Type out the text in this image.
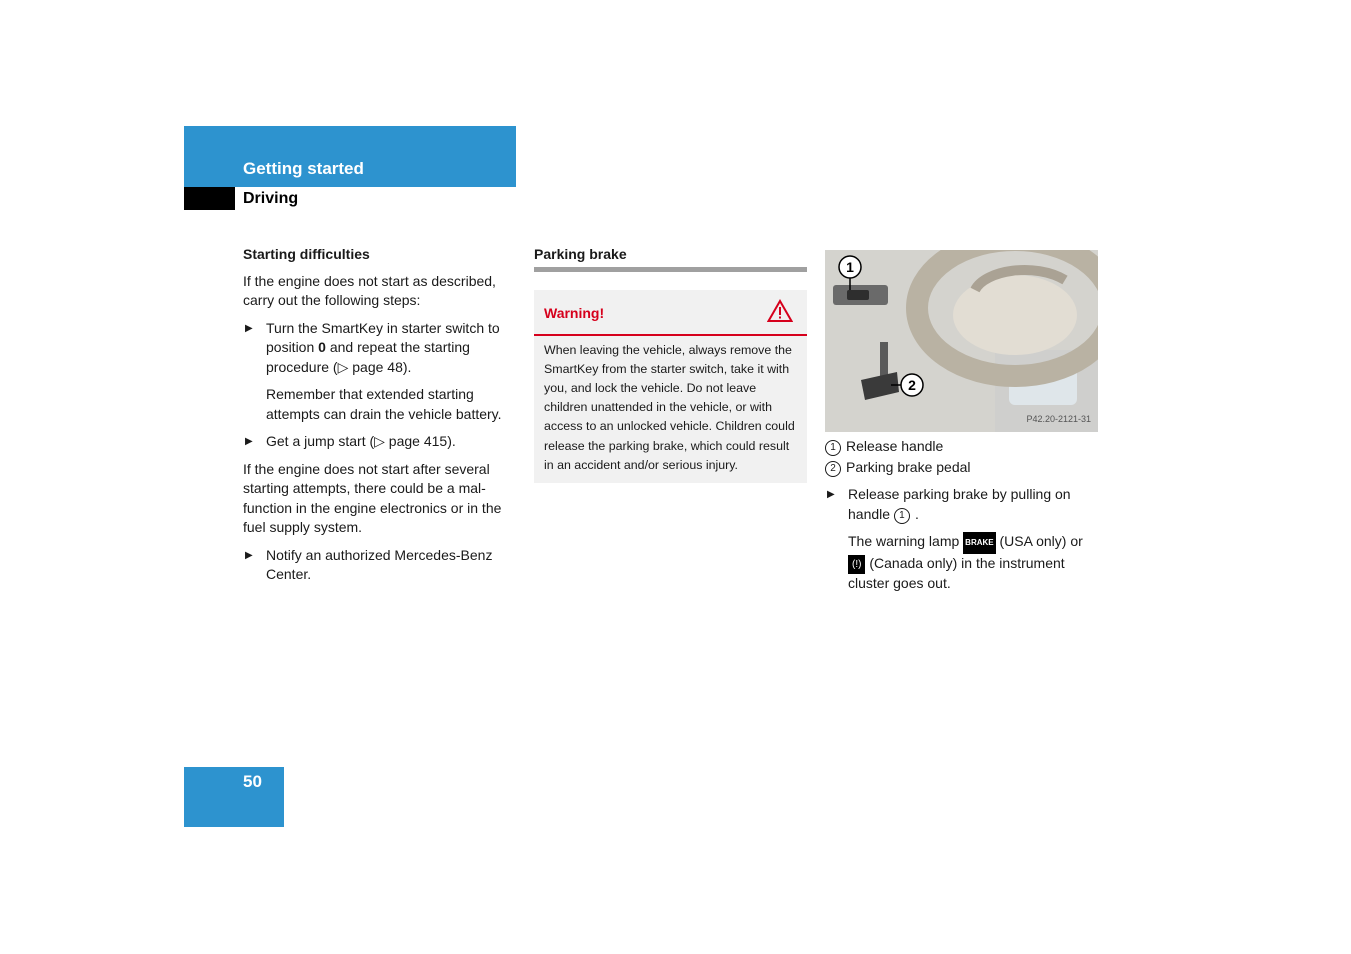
Getting started
Driving
Starting difficulties

If the engine does not start as described, carry out the following steps:

▶ Turn the SmartKey in starter switch to position 0 and repeat the starting procedure (▷ page 48).
Remember that extended starting attempts can drain the vehicle battery.
▶ Get a jump start (▷ page 415).

If the engine does not start after several starting attempts, there could be a mal-function in the engine electronics or in the fuel supply system.

▶ Notify an authorized Mercedes-Benz Center.
Parking brake
Warning!
When leaving the vehicle, always remove the SmartKey from the starter switch, take it with you, and lock the vehicle. Do not leave children unattended in the vehicle, or with access to an unlocked vehicle. Children could release the parking brake, which could result in an accident and/or serious injury.
1
2
P42.20-2121-31
1 Release handle
2 Parking brake pedal
▶ Release parking brake by pulling on handle 1 .
The warning lamp BRAKE (USA only) or (!) (Canada only) in the instrument cluster goes out.
50
